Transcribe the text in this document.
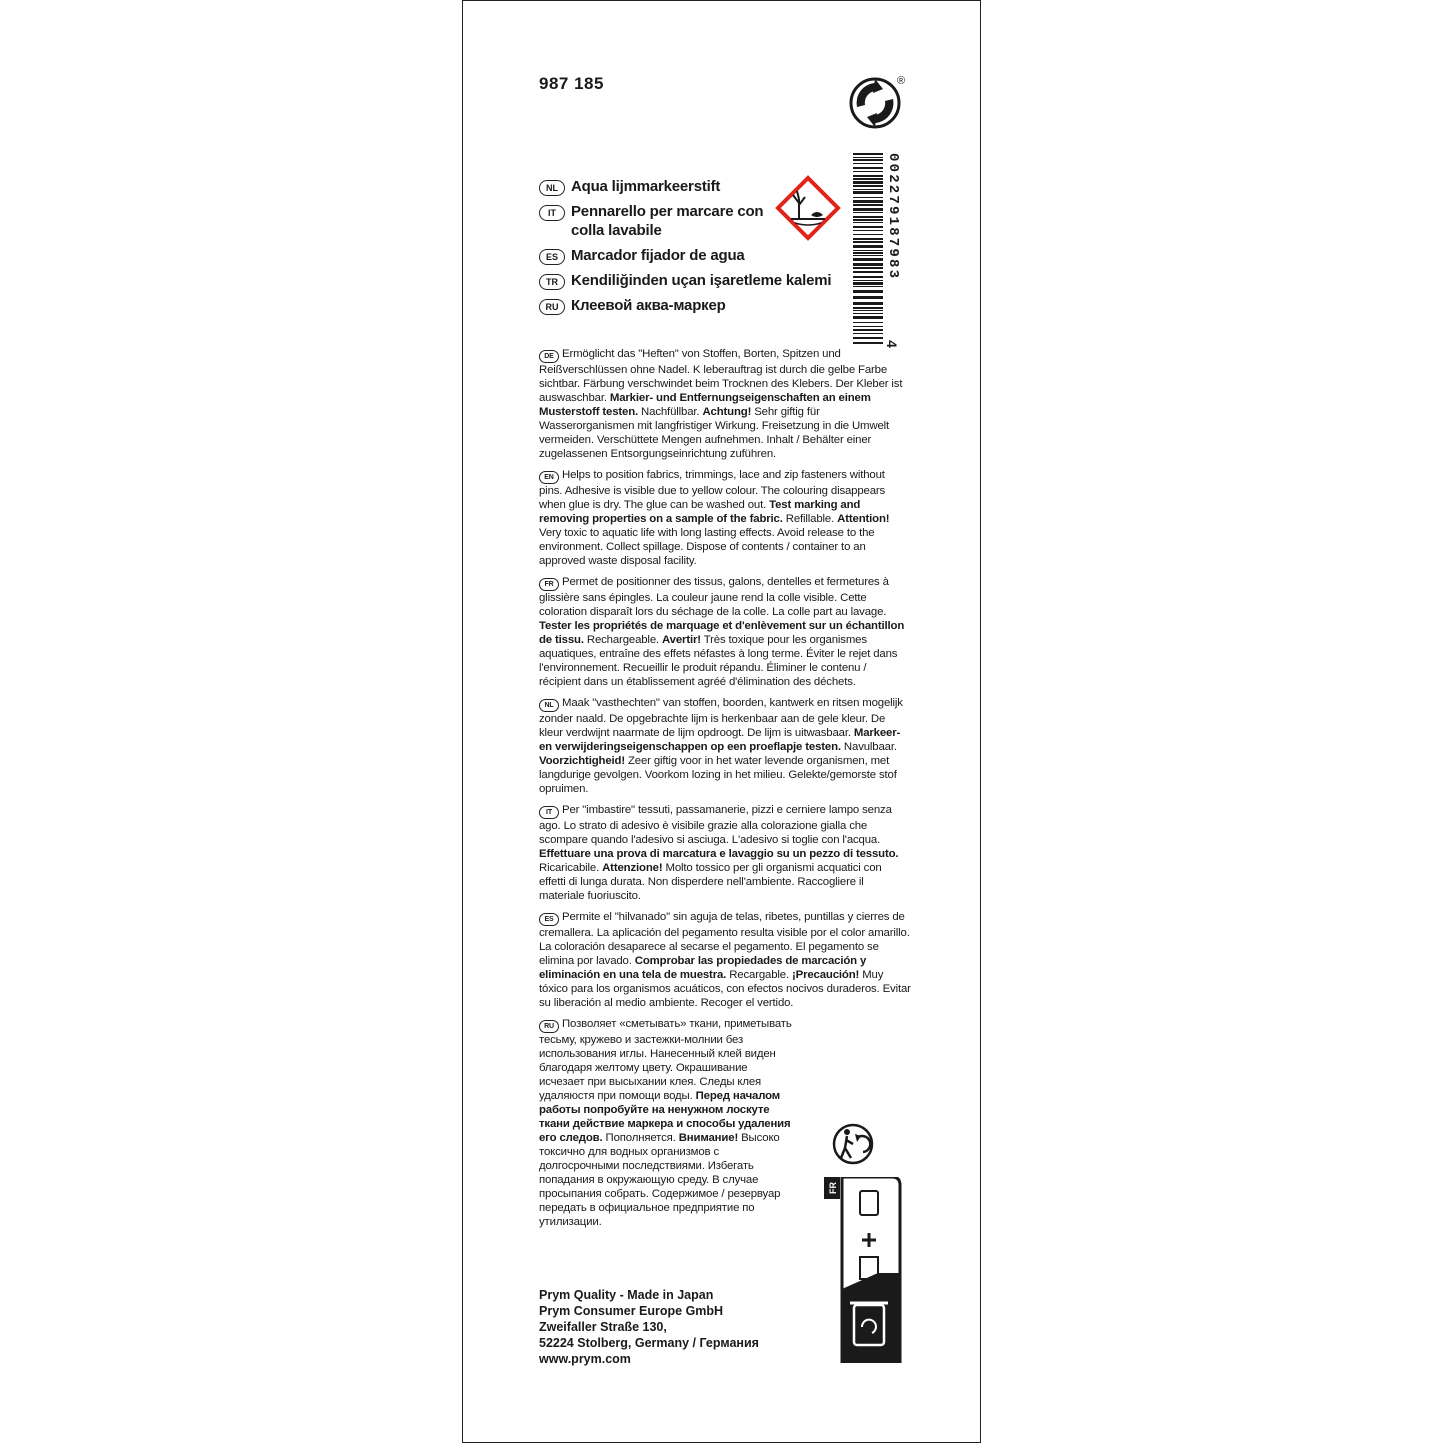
987 185	®
NL Aqua lijmmarkeerstift
IT	Pennarello per marcare con colla lavabile
ES Marcador fijador de agua
TR Kendiliğinden uçan işaretleme kalemi
RU Клеевой аква-маркер
002279187983
4
DE Ermöglicht das "Heften" von Stoffen, Borten, Spitzen und Reißverschlüssen ohne Nadel. K leberauftrag ist durch die gelbe Farbe sichtbar. Färbung verschwindet beim Trocknen des Klebers. Der Kleber ist auswaschbar. Markier- und Entfernungseigenschaften an einem Musterstoff testen. Nachfüllbar. Achtung! Sehr giftig für Wasserorganismen mit langfristiger Wirkung. Freisetzung in die Umwelt vermeiden. Verschüttete Mengen aufnehmen. Inhalt / Behälter einer zugelassenen Entsorgungseinrichtung zuführen.
EN Helps to position fabrics, trimmings, lace and zip fasteners without pins. Adhesive is visible due to yellow colour. The colouring disappears when glue is dry. The glue can be washed out. Test marking and removing properties on a sample of the fabric. Refillable. Attention! Very toxic to aquatic life with long lasting effects. Avoid release to the environment. Collect spillage. Dispose of contents / container to an approved waste disposal facility.
FR Permet de positionner des tissus, galons, dentelles et fermetures à glissière sans épingles. La couleur jaune rend la colle visible. Cette coloration disparaît lors du séchage de la colle. La colle part au lavage. Tester les propriétés de marquage et d'enlèvement sur un échantillon de tissu. Rechargeable. Avertir! Très toxique pour les organismes aquatiques, entraîne des effets néfastes à long terme. Éviter le rejet dans l'environnement. Recueillir le produit répandu. Éliminer le contenu / récipient dans un établissement agréé d'élimination des déchets.
NL Maak "vasthechten" van stoffen, boorden, kantwerk en ritsen mogelijk zonder naald. De opgebrachte lijm is herkenbaar aan de gele kleur. De kleur verdwijnt naarmate de lijm opdroogt. De lijm is uitwasbaar. Markeer- en verwijderingseigenschappen op een proeflapje testen. Navulbaar. Voorzichtigheid! Zeer giftig voor in het water levende organismen, met langdurige gevolgen. Voorkom lozing in het milieu. Gelekte/gemorste stof opruimen.
IT Per "imbastire" tessuti, passamanerie, pizzi e cerniere lampo senza ago. Lo strato di adesivo è visibile grazie alla colorazione gialla che scompare quando l'adesivo si asciuga. L'adesivo si toglie con l'acqua. Effettuare una prova di marcatura e lavaggio su un pezzo di tessuto. Ricaricabile. Attenzione! Molto tossico per gli organismi acquatici con effetti di lunga durata. Non disperdere nell'ambiente. Raccogliere il materiale fuoriuscito.
ES Permite el "hilvanado" sin aguja de telas, ribetes, puntillas y cierres de cremallera. La aplicación del pegamento resulta visible por el color amarillo. La coloración desaparece al secarse el pegamento. El pegamento se elimina por lavado. Comprobar las propiedades de marcación y eliminación en una tela de muestra. Recargable. ¡Precaución! Muy tóxico para los organismos acuáticos, con efectos nocivos duraderos. Evitar su liberación al medio ambiente. Recoger el vertido.
RU Позволяет «сметывать» ткани, приметывать тесьму, кружево и застежки-молнии без использования иглы. Нанесенный клей виден благодаря желтому цвету. Окрашивание исчезает при высыхании клея. Следы клея удаляюстя при помощи воды. Перед началом работы попробуйте на ненужном лоскуте ткани действие маркера и способы удаления его следов. Пополняется. Внимание! Высоко токсично для водных организмов с долгосрочными последствиями. Избегать попадания в окружающую среду. В случае просыпания собрать. Содержимое / резервуар передать в официальное предприятие по утилизации.
FR
Prym Quality - Made in Japan
Prym Consumer Europe GmbH
Zweifaller Straße 130,
52224 Stolberg, Germany / Германия
www.prym.com
